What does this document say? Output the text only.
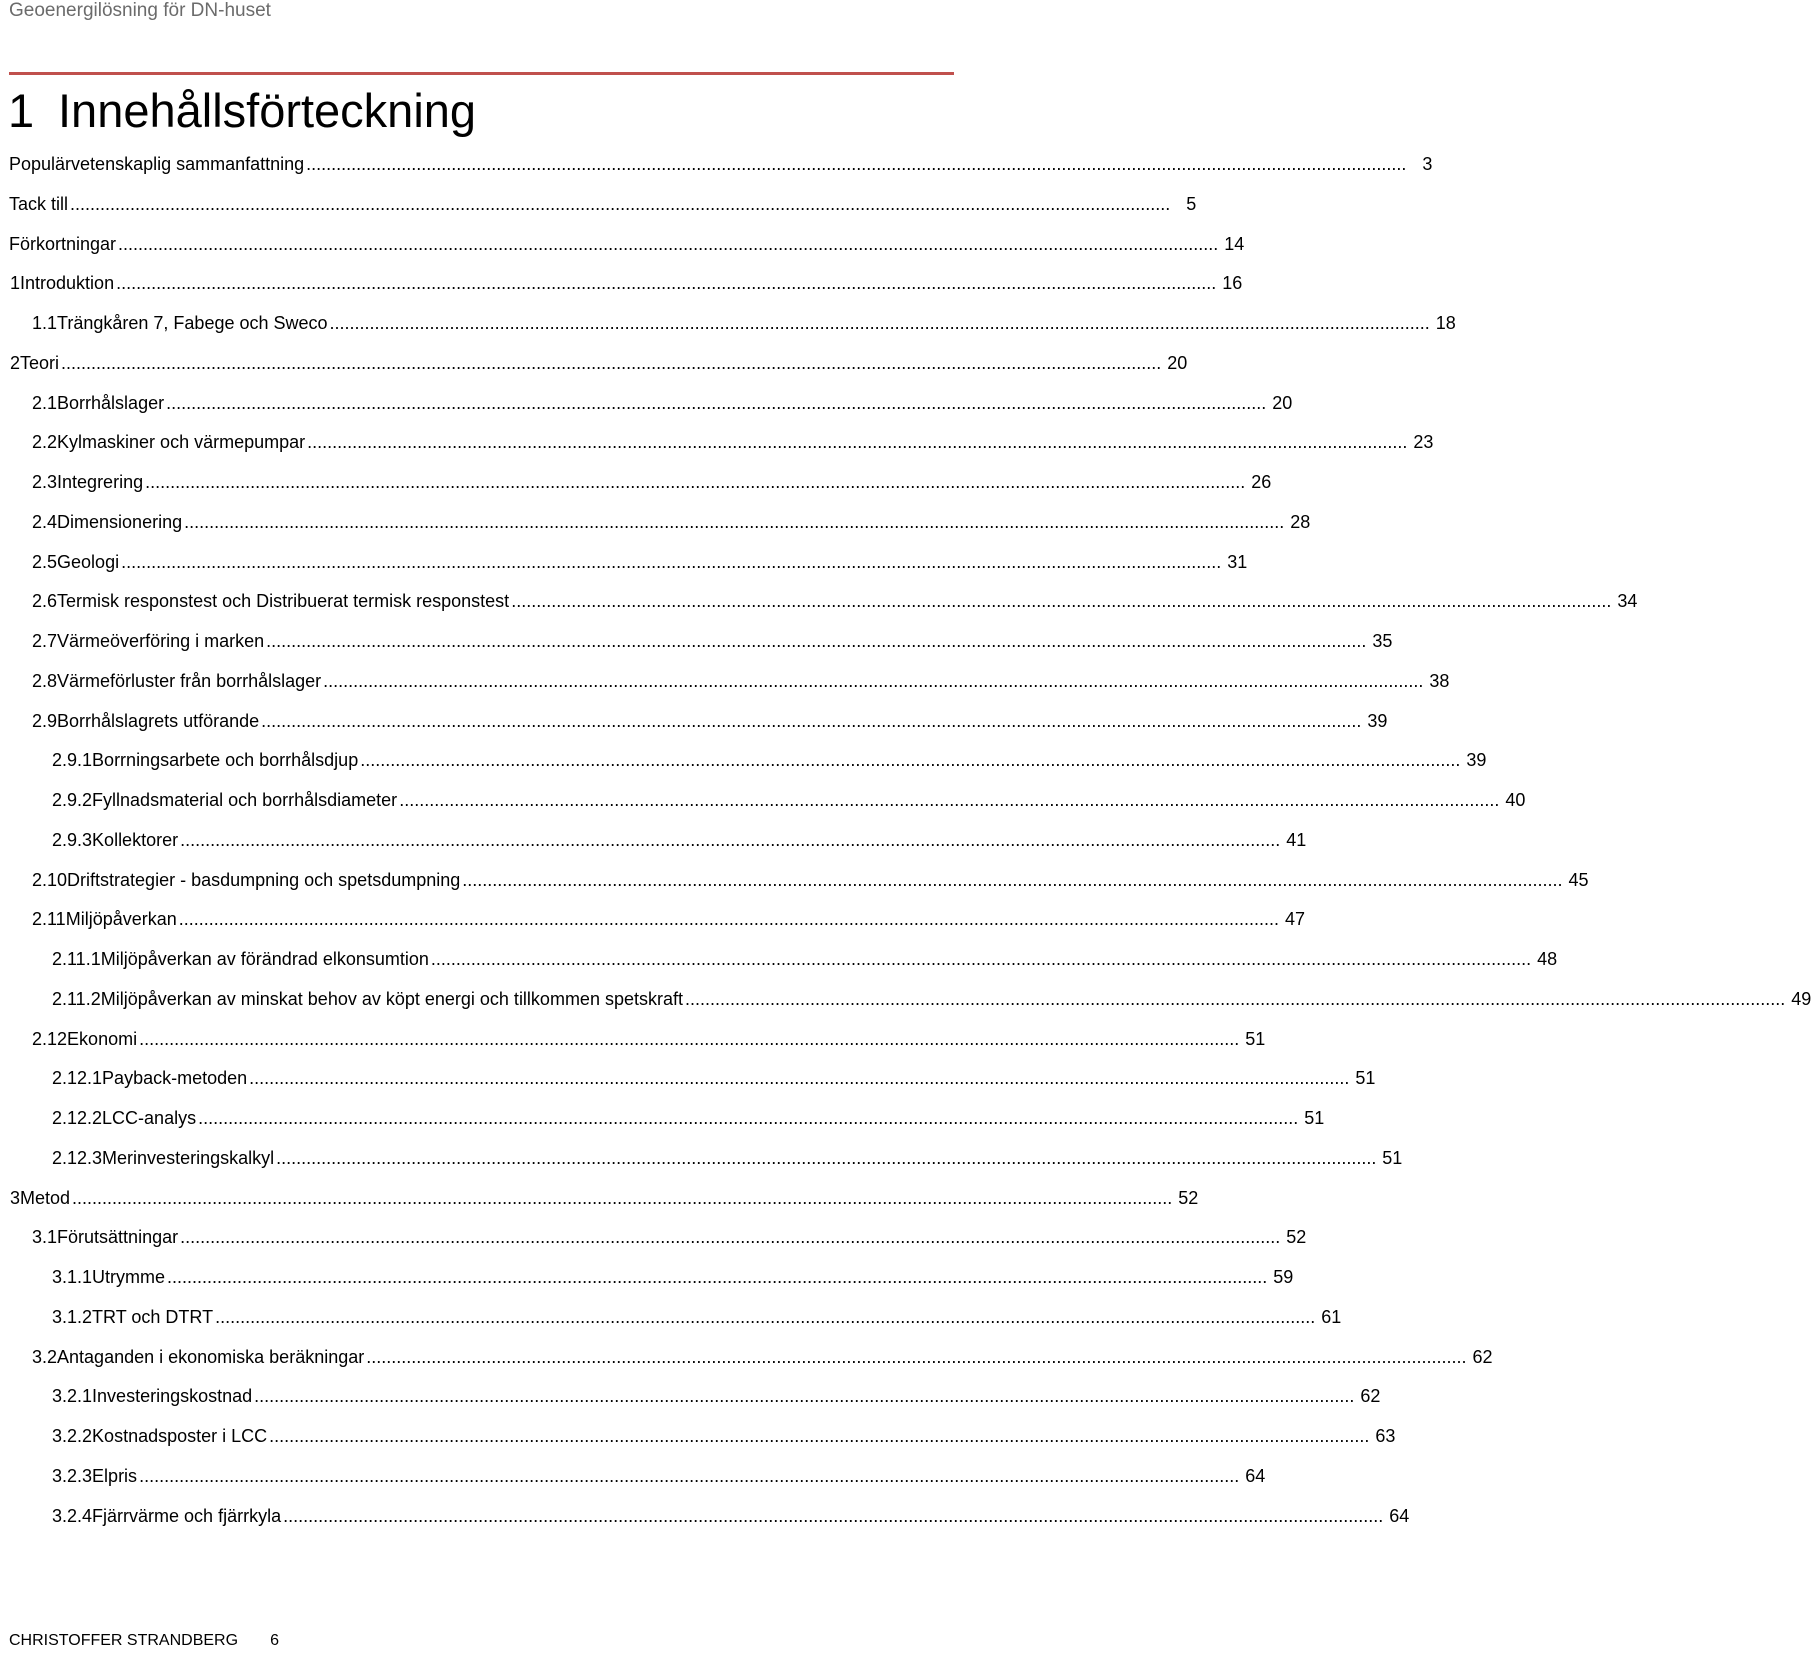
Geoenergilösning för DN-huset
1 Innehållsförteckning
Populärvetenskaplig sammanfattning ............................................................................................................................................................................................................................ 3
Tack till ............................................................................................................................................................................................................................ 5
Förkortningar ............................................................................................................................................................................................................................ 14
1 Introduktion ............................................................................................................................................................................................................................ 16
1.1 Trängkåren 7, Fabege och Sweco ............................................................................................................................................................................................................................ 18
2 Teori ............................................................................................................................................................................................................................ 20
2.1 Borrhålslager ............................................................................................................................................................................................................................ 20
2.2 Kylmaskiner och värmepumpar ............................................................................................................................................................................................................................ 23
2.3 Integrering ............................................................................................................................................................................................................................ 26
2.4 Dimensionering ............................................................................................................................................................................................................................ 28
2.5 Geologi ............................................................................................................................................................................................................................ 31
2.6 Termisk responstest och Distribuerat termisk responstest ............................................................................................................................................................................................................................ 34
2.7 Värmeöverföring i marken ............................................................................................................................................................................................................................ 35
2.8 Värmeförluster från borrhålslager ............................................................................................................................................................................................................................ 38
2.9 Borrhålslagrets utförande ............................................................................................................................................................................................................................ 39
2.9.1 Borrningsarbete och borrhålsdjup ............................................................................................................................................................................................................................ 39
2.9.2 Fyllnadsmaterial och borrhålsdiameter ............................................................................................................................................................................................................................ 40
2.9.3 Kollektorer ............................................................................................................................................................................................................................ 41
2.10 Driftstrategier - basdumpning och spetsdumpning ............................................................................................................................................................................................................................ 45
2.11 Miljöpåverkan ............................................................................................................................................................................................................................ 47
2.11.1 Miljöpåverkan av förändrad elkonsumtion ............................................................................................................................................................................................................................ 48
2.11.2 Miljöpåverkan av minskat behov av köpt energi och tillkommen spetskraft ............................................................................................................................................................................................................................ 49
2.12 Ekonomi ............................................................................................................................................................................................................................ 51
2.12.1 Payback-metoden ............................................................................................................................................................................................................................ 51
2.12.2 LCC-analys ............................................................................................................................................................................................................................ 51
2.12.3 Merinvesteringskalkyl ............................................................................................................................................................................................................................ 51
3 Metod ............................................................................................................................................................................................................................ 52
3.1 Förutsättningar ............................................................................................................................................................................................................................ 52
3.1.1 Utrymme ............................................................................................................................................................................................................................ 59
3.1.2 TRT och DTRT ............................................................................................................................................................................................................................ 61
3.2 Antaganden i ekonomiska beräkningar ............................................................................................................................................................................................................................ 62
3.2.1 Investeringskostnad ............................................................................................................................................................................................................................ 62
3.2.2 Kostnadsposter i LCC ............................................................................................................................................................................................................................ 63
3.2.3 Elpris ............................................................................................................................................................................................................................ 64
3.2.4 Fjärrvärme och fjärrkyla ............................................................................................................................................................................................................................ 64
CHRISTOFFER STRANDBERG 6
